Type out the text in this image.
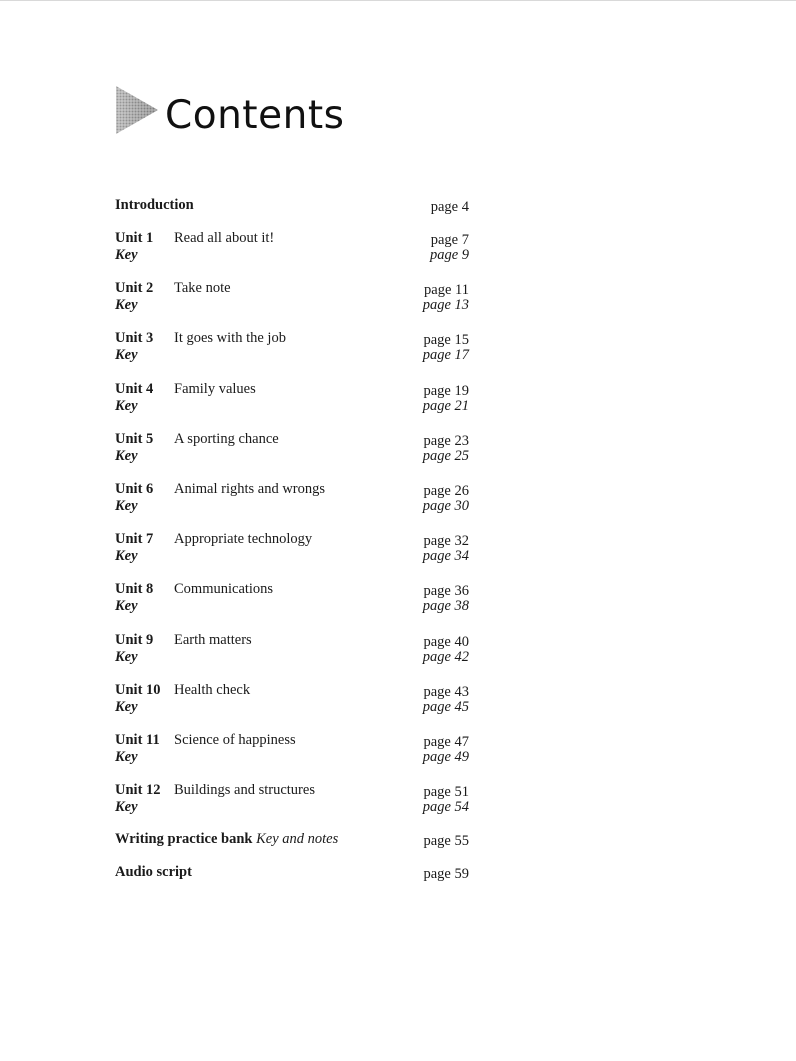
Contents
Introduction	page 4
Unit 1 Read all about it!	page 7
Key	page 9
Unit 2 Take note	page 11
Key	page 13
Unit 3 It goes with the job	page 15
Key	page 17
Unit 4 Family values	page 19
Key	page 21
Unit 5 A sporting chance	page 23
Key	page 25
Unit 6 Animal rights and wrongs	page 26
Key	page 30
Unit 7 Appropriate technology	page 32
Key	page 34
Unit 8 Communications	page 36
Key	page 38
Unit 9 Earth matters	page 40
Key	page 42
Unit 10 Health check	page 43
Key	page 45
Unit 11 Science of happiness	page 47
Key	page 49
Unit 12 Buildings and structures	page 51
Key	page 54
Writing practice bank Key and notes	page 55
Audio script	page 59
